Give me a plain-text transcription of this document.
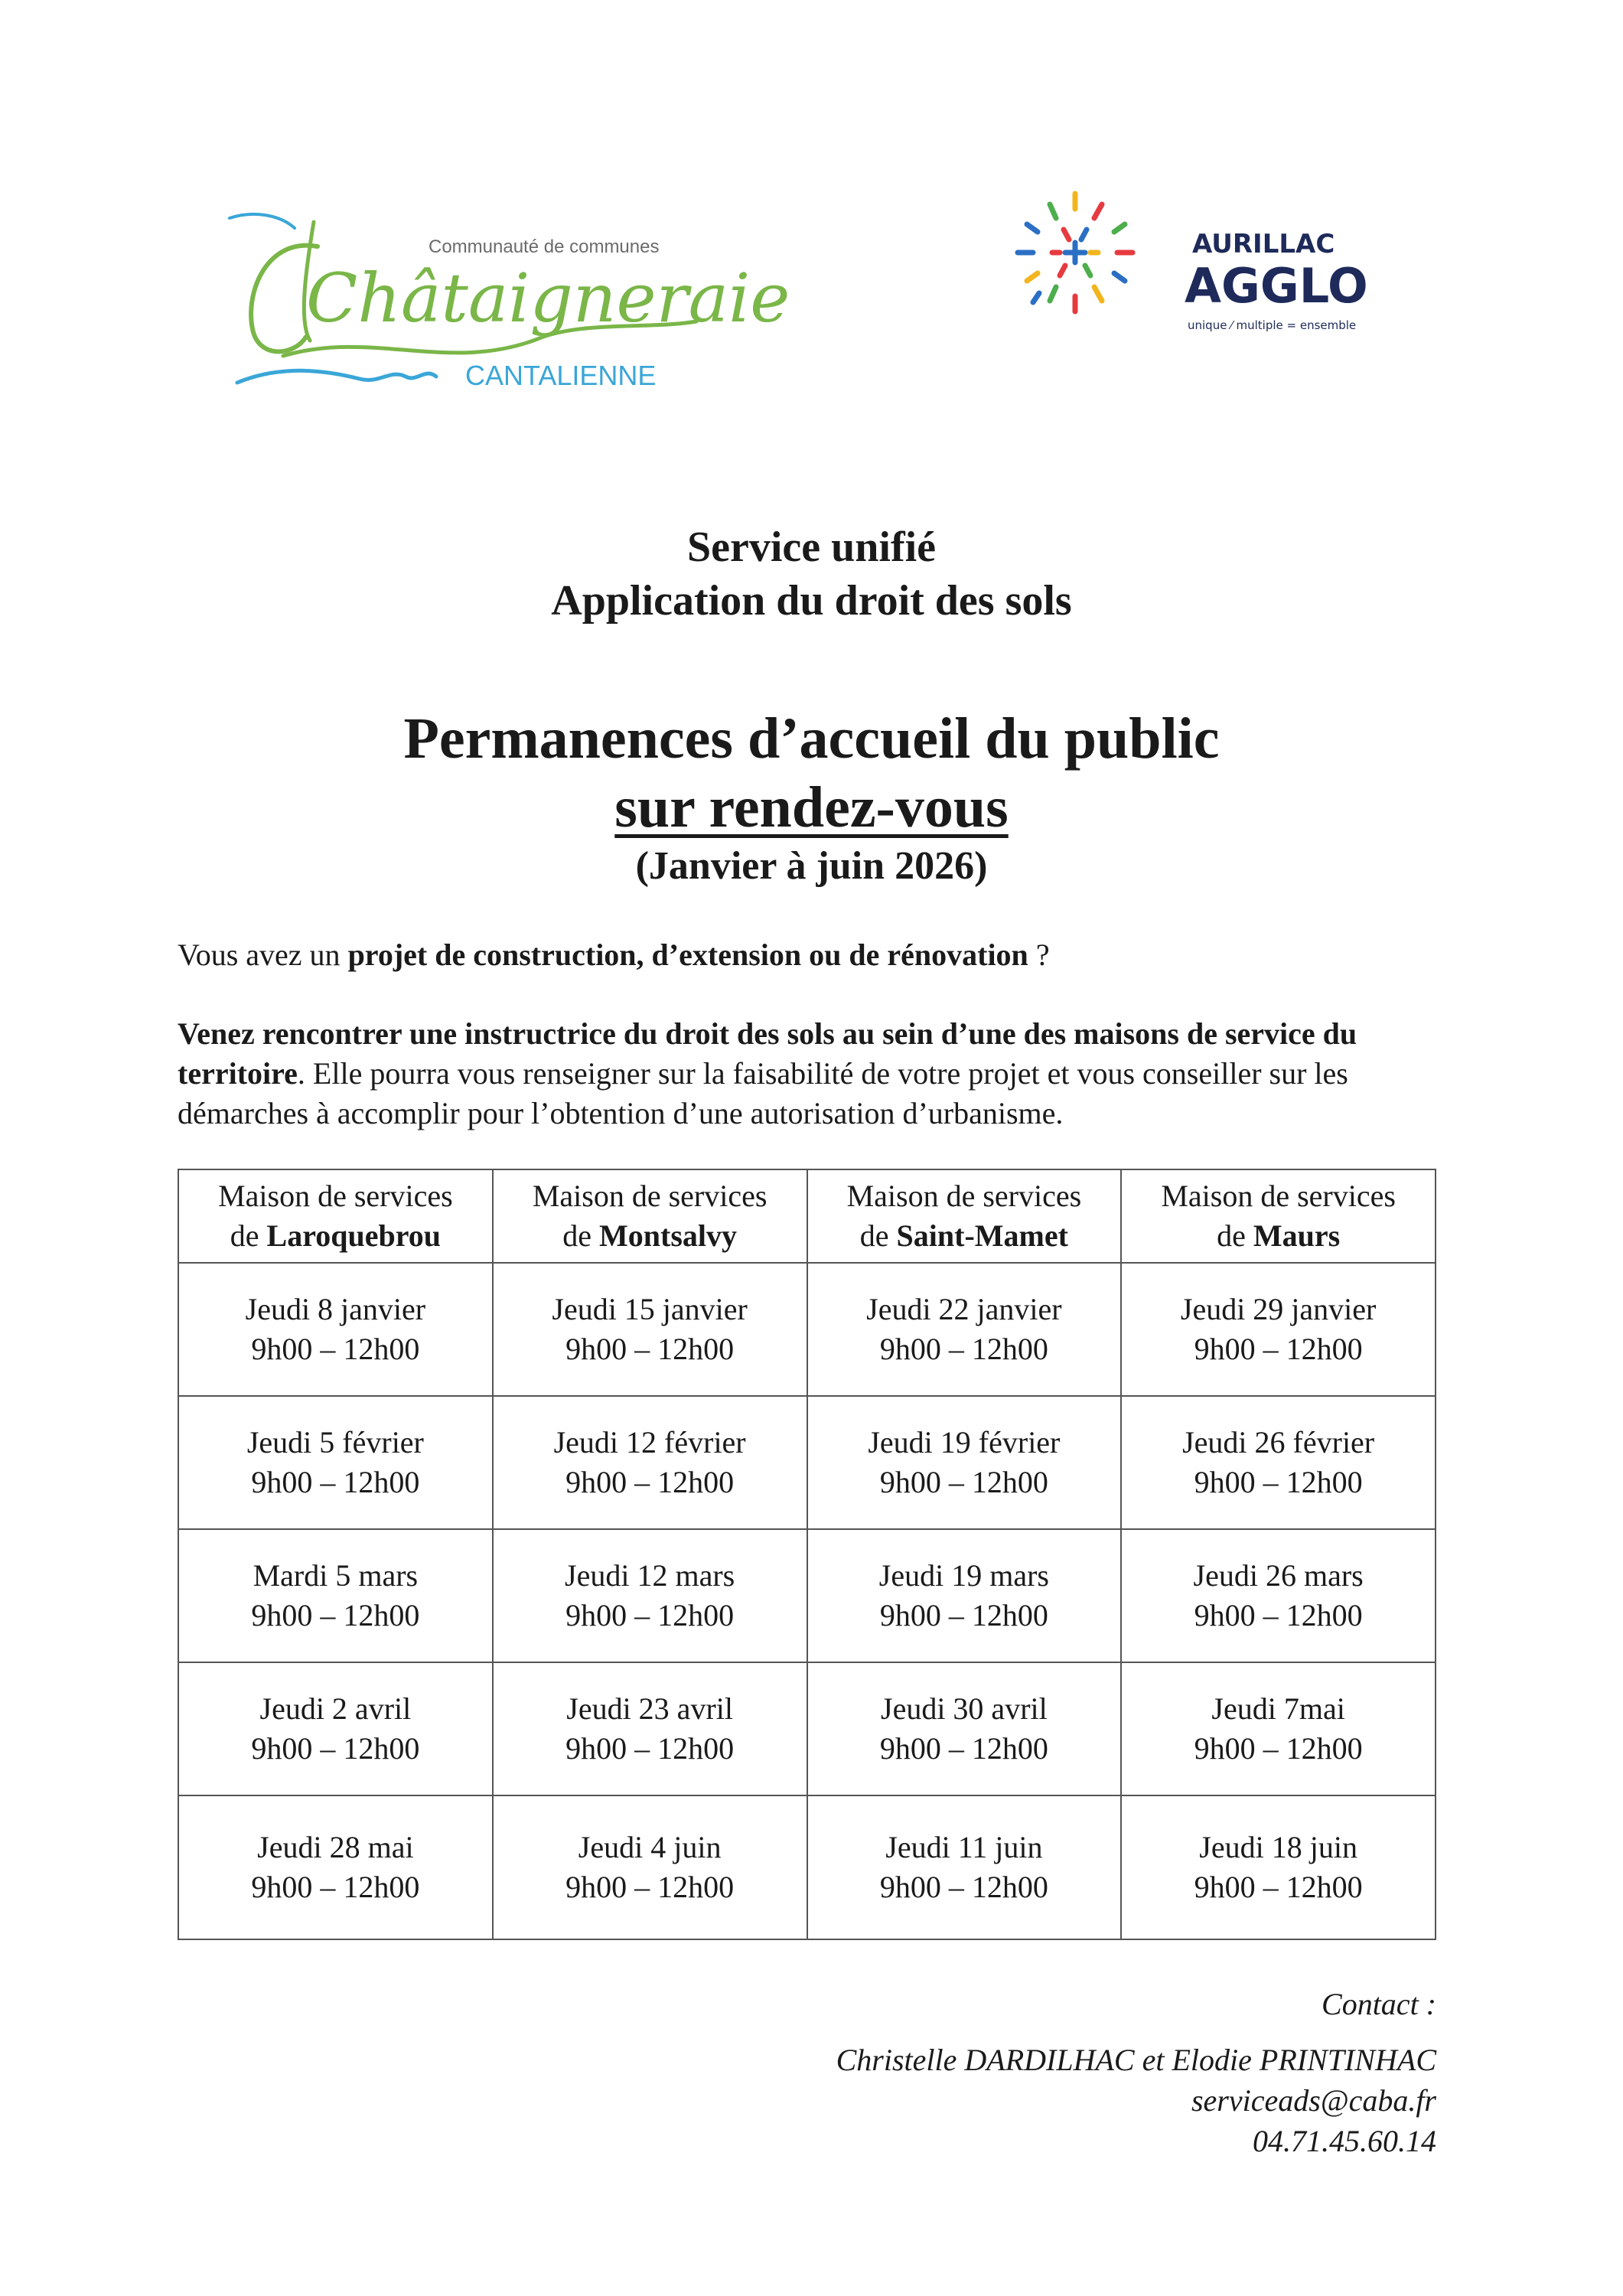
Communauté de communes
Châtaigneraie
CANTALIENNE
AURILLAC
AGGLO
unique ⁄ multiple = ensemble
Service unifié
Application du droit des sols
Permanences d’accueil du public
sur rendez-vous
(Janvier à juin 2026)
Vous avez un projet de construction, d’extension ou de rénovation ?
Venez rencontrer une instructrice du droit des sols au sein d’une des maisons de service du territoire. Elle pourra vous renseigner sur la faisabilité de votre projet et vous conseiller sur les démarches à accomplir pour l’obtention d’une autorisation d’urbanisme.
Maison de services
de Laroquebrou	Maison de services
de Montsalvy	Maison de services
de Saint-Mamet	Maison de services
de Maurs

Jeudi 8 janvier
9h00 – 12h00	Jeudi 15 janvier
9h00 – 12h00	Jeudi 22 janvier
9h00 – 12h00	Jeudi 29 janvier
9h00 – 12h00

Jeudi 5 février
9h00 – 12h00	Jeudi 12 février
9h00 – 12h00	Jeudi 19 février
9h00 – 12h00	Jeudi 26 février
9h00 – 12h00

Mardi 5 mars
9h00 – 12h00	Jeudi 12 mars
9h00 – 12h00	Jeudi 19 mars
9h00 – 12h00	Jeudi 26 mars
9h00 – 12h00

Jeudi 2 avril
9h00 – 12h00	Jeudi 23 avril
9h00 – 12h00	Jeudi 30 avril
9h00 – 12h00	Jeudi 7mai
9h00 – 12h00

Jeudi 28 mai
9h00 – 12h00	Jeudi 4 juin
9h00 – 12h00	Jeudi 11 juin
9h00 – 12h00	Jeudi 18 juin
9h00 – 12h00
Contact :
Christelle DARDILHAC et Elodie PRINTINHAC
serviceads@caba.fr
04.71.45.60.14
